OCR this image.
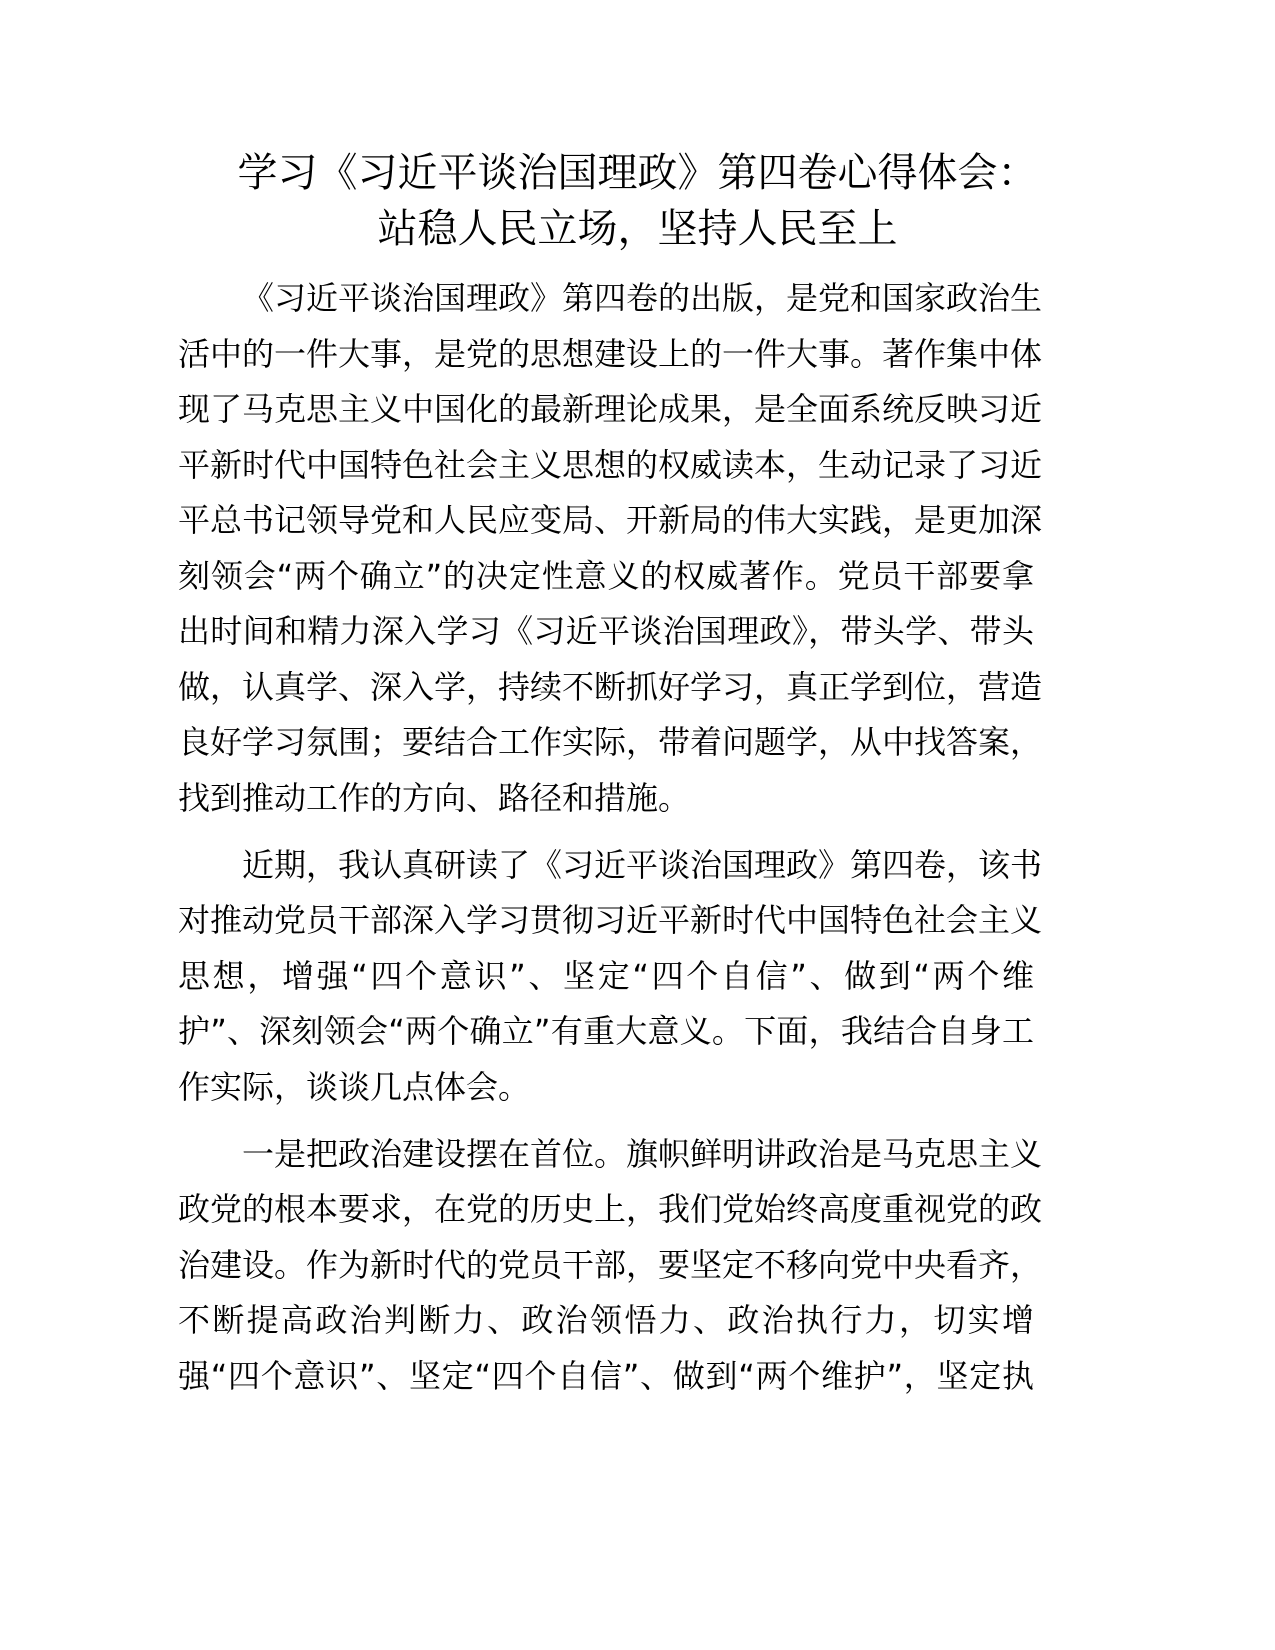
学习《习近平谈治国理政》第四卷心得体会：
站稳人民立场，坚持人民至上
《习近平谈治国理政》第四卷的出版，是党和国家政治生
活中的一件大事，是党的思想建设上的一件大事。著作集中体
现了马克思主义中国化的最新理论成果，是全面系统反映习近
平新时代中国特色社会主义思想的权威读本，生动记录了习近
平总书记领导党和人民应变局、开新局的伟大实践，是更加深
刻领会“两个确立”的决定性意义的权威著作。党员干部要拿
出时间和精力深入学习《习近平谈治国理政》，带头学、带头
做，认真学、深入学，持续不断抓好学习，真正学到位，营造
良好学习氛围；要结合工作实际，带着问题学，从中找答案，
找到推动工作的方向、路径和措施。
近期，我认真研读了《习近平谈治国理政》第四卷，该书
对推动党员干部深入学习贯彻习近平新时代中国特色社会主义
思想，增强“四个意识”、坚定“四个自信”、做到“两个维
护”、深刻领会“两个确立”有重大意义。下面，我结合自身工
作实际，谈谈几点体会。
一是把政治建设摆在首位。旗帜鲜明讲政治是马克思主义
政党的根本要求，在党的历史上，我们党始终高度重视党的政
治建设。作为新时代的党员干部，要坚定不移向党中央看齐，
不断提高政治判断力、政治领悟力、政治执行力，切实增
强“四个意识”、坚定“四个自信”、做到“两个维护”，坚定执
